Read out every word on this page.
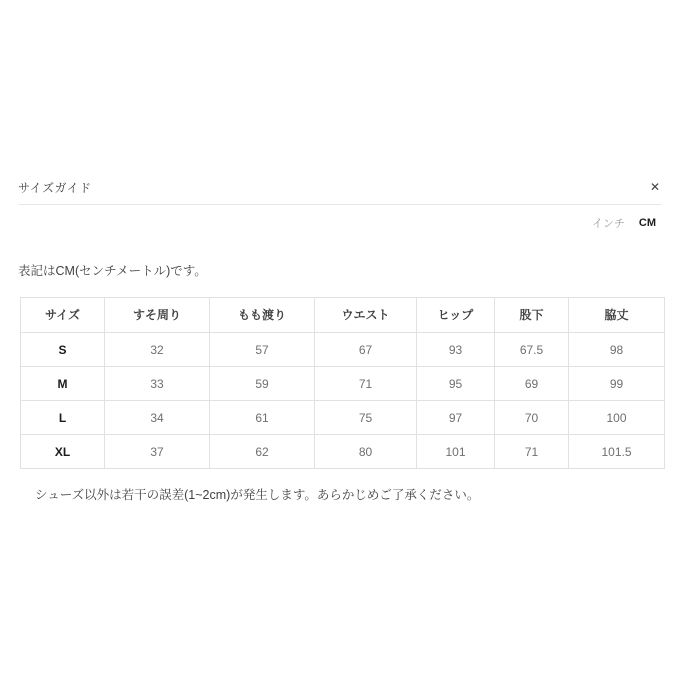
サイズガイド	✕
インチ CM
表記はCM(センチメートル)です。
サイズ	すそ周り	もも渡り	ウエスト	ヒップ	股下	脇丈
S	32	57	67	93	67.5	98
M	33	59	71	95	69	99
L	34	61	75	97	70	100
XL	37	62	80	101	71	101.5
シューズ以外は若干の誤差(1~2cm)が発生します。あらかじめご了承ください。
